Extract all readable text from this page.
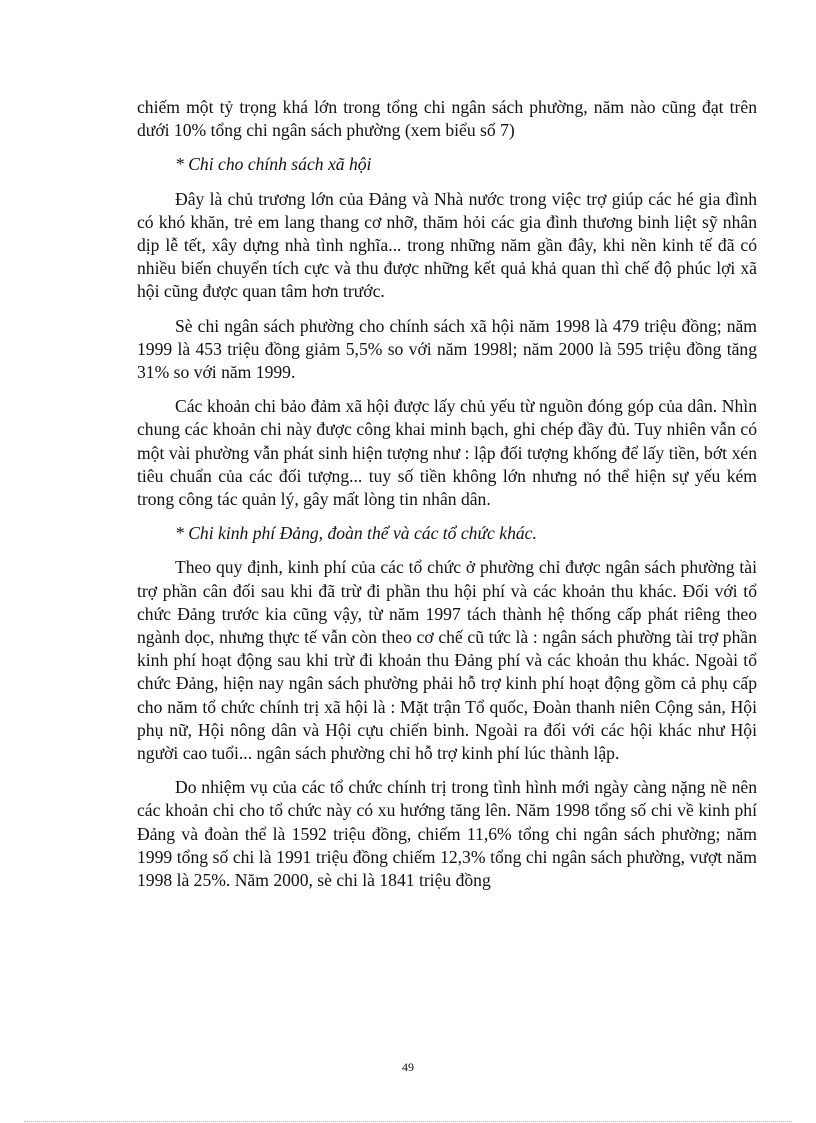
chiếm một tỷ trọng khá lớn trong tổng chi ngân sách phường, năm nào cũng đạt trên dưới 10% tổng chi ngân sách phường (xem biểu số 7)

* Chi cho chính sách xã hội

Đây là chủ trương lớn của Đảng và Nhà nước trong việc trợ giúp các hé gia đình có khó khăn, trẻ em lang thang cơ nhỡ, thăm hỏi các gia đình thương binh liệt sỹ nhân dịp lễ tết, xây dựng nhà tình nghĩa... trong những năm gần đây, khi nền kinh tế đã có nhiều biến chuyển tích cực và thu được những kết quả khả quan thì chế độ phúc lợi xã hội cũng được quan tâm hơn trước.

Sè chi ngân sách phường cho chính sách xã hội năm 1998 là 479 triệu đồng; năm 1999 là 453 triệu đồng giảm 5,5% so với năm 1998l; năm 2000 là 595 triệu đồng tăng 31% so với năm 1999.

Các khoản chi bảo đảm xã hội được lấy chủ yếu từ nguồn đóng góp của dân. Nhìn chung các khoản chi này được công khai minh bạch, ghi chép đầy đủ. Tuy nhiên vẫn có một vài phường vẫn phát sinh hiện tượng như : lập đối tượng khống để lấy tiền, bớt xén tiêu chuẩn của các đối tượng... tuy số tiền không lớn nhưng nó thể hiện sự yếu kém trong công tác quản lý, gây mất lòng tin nhân dân.

* Chi kinh phí Đảng, đoàn thể và các tổ chức khác.

Theo quy định, kinh phí của các tổ chức ở phường chỉ được ngân sách phường tài trợ phần cân đối sau khi đã trừ đi phần thu hội phí và các khoản thu khác. Đối với tổ chức Đảng trước kia cũng vậy, từ năm 1997 tách thành hệ thống cấp phát riêng theo ngành dọc, nhưng thực tế vẫn còn theo cơ chế cũ tức là : ngân sách phường tài trợ phần kinh phí hoạt động sau khi trừ đi khoản thu Đảng phí và các khoản thu khác. Ngoài tổ chức Đảng, hiện nay ngân sách phường phải hỗ trợ kinh phí hoạt động gồm cả phụ cấp cho năm tổ chức chính trị xã hội là : Mặt trận Tổ quốc, Đoàn thanh niên Cộng sản, Hội phụ nữ, Hội nông dân và Hội cựu chiến binh. Ngoài ra đối với các hội khác như Hội người cao tuổi... ngân sách phường chỉ hỗ trợ kinh phí lúc thành lập.

Do nhiệm vụ của các tổ chức chính trị trong tình hình mới ngày càng nặng nề nên các khoản chi cho tổ chức này có xu hướng tăng lên. Năm 1998 tổng số chi về kinh phí Đảng và đoàn thể là 1592 triệu đồng, chiếm 11,6% tổng chi ngân sách phường; năm 1999 tổng số chi là 1991 triệu đồng chiếm 12,3% tổng chi ngân sách phường, vượt năm 1998 là 25%. Năm 2000, sè chi là 1841 triệu đồng

49
